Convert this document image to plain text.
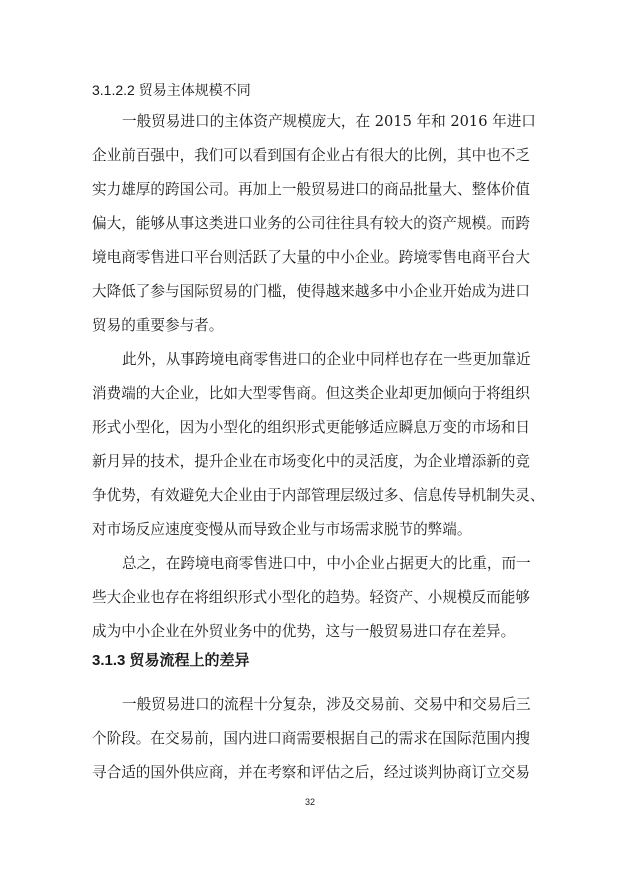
3.1.2.2 贸易主体规模不同
一般贸易进口的主体资产规模庞大，在 2015 年和 2016 年进口
企业前百强中，我们可以看到国有企业占有很大的比例，其中也不乏
实力雄厚的跨国公司。再加上一般贸易进口的商品批量大、整体价值
偏大，能够从事这类进口业务的公司往往具有较大的资产规模。而跨
境电商零售进口平台则活跃了大量的中小企业。跨境零售电商平台大
大降低了参与国际贸易的门槛，使得越来越多中小企业开始成为进口
贸易的重要参与者。
此外，从事跨境电商零售进口的企业中同样也存在一些更加靠近
消费端的大企业，比如大型零售商。但这类企业却更加倾向于将组织
形式小型化，因为小型化的组织形式更能够适应瞬息万变的市场和日
新月异的技术，提升企业在市场变化中的灵活度，为企业增添新的竞
争优势，有效避免大企业由于内部管理层级过多、信息传导机制失灵、
对市场反应速度变慢从而导致企业与市场需求脱节的弊端。
总之，在跨境电商零售进口中，中小企业占据更大的比重，而一
些大企业也存在将组织形式小型化的趋势。轻资产、小规模反而能够
成为中小企业在外贸业务中的优势，这与一般贸易进口存在差异。
3.1.3 贸易流程上的差异
一般贸易进口的流程十分复杂，涉及交易前、交易中和交易后三
个阶段。在交易前，国内进口商需要根据自己的需求在国际范围内搜
寻合适的国外供应商，并在考察和评估之后，经过谈判协商订立交易
32
